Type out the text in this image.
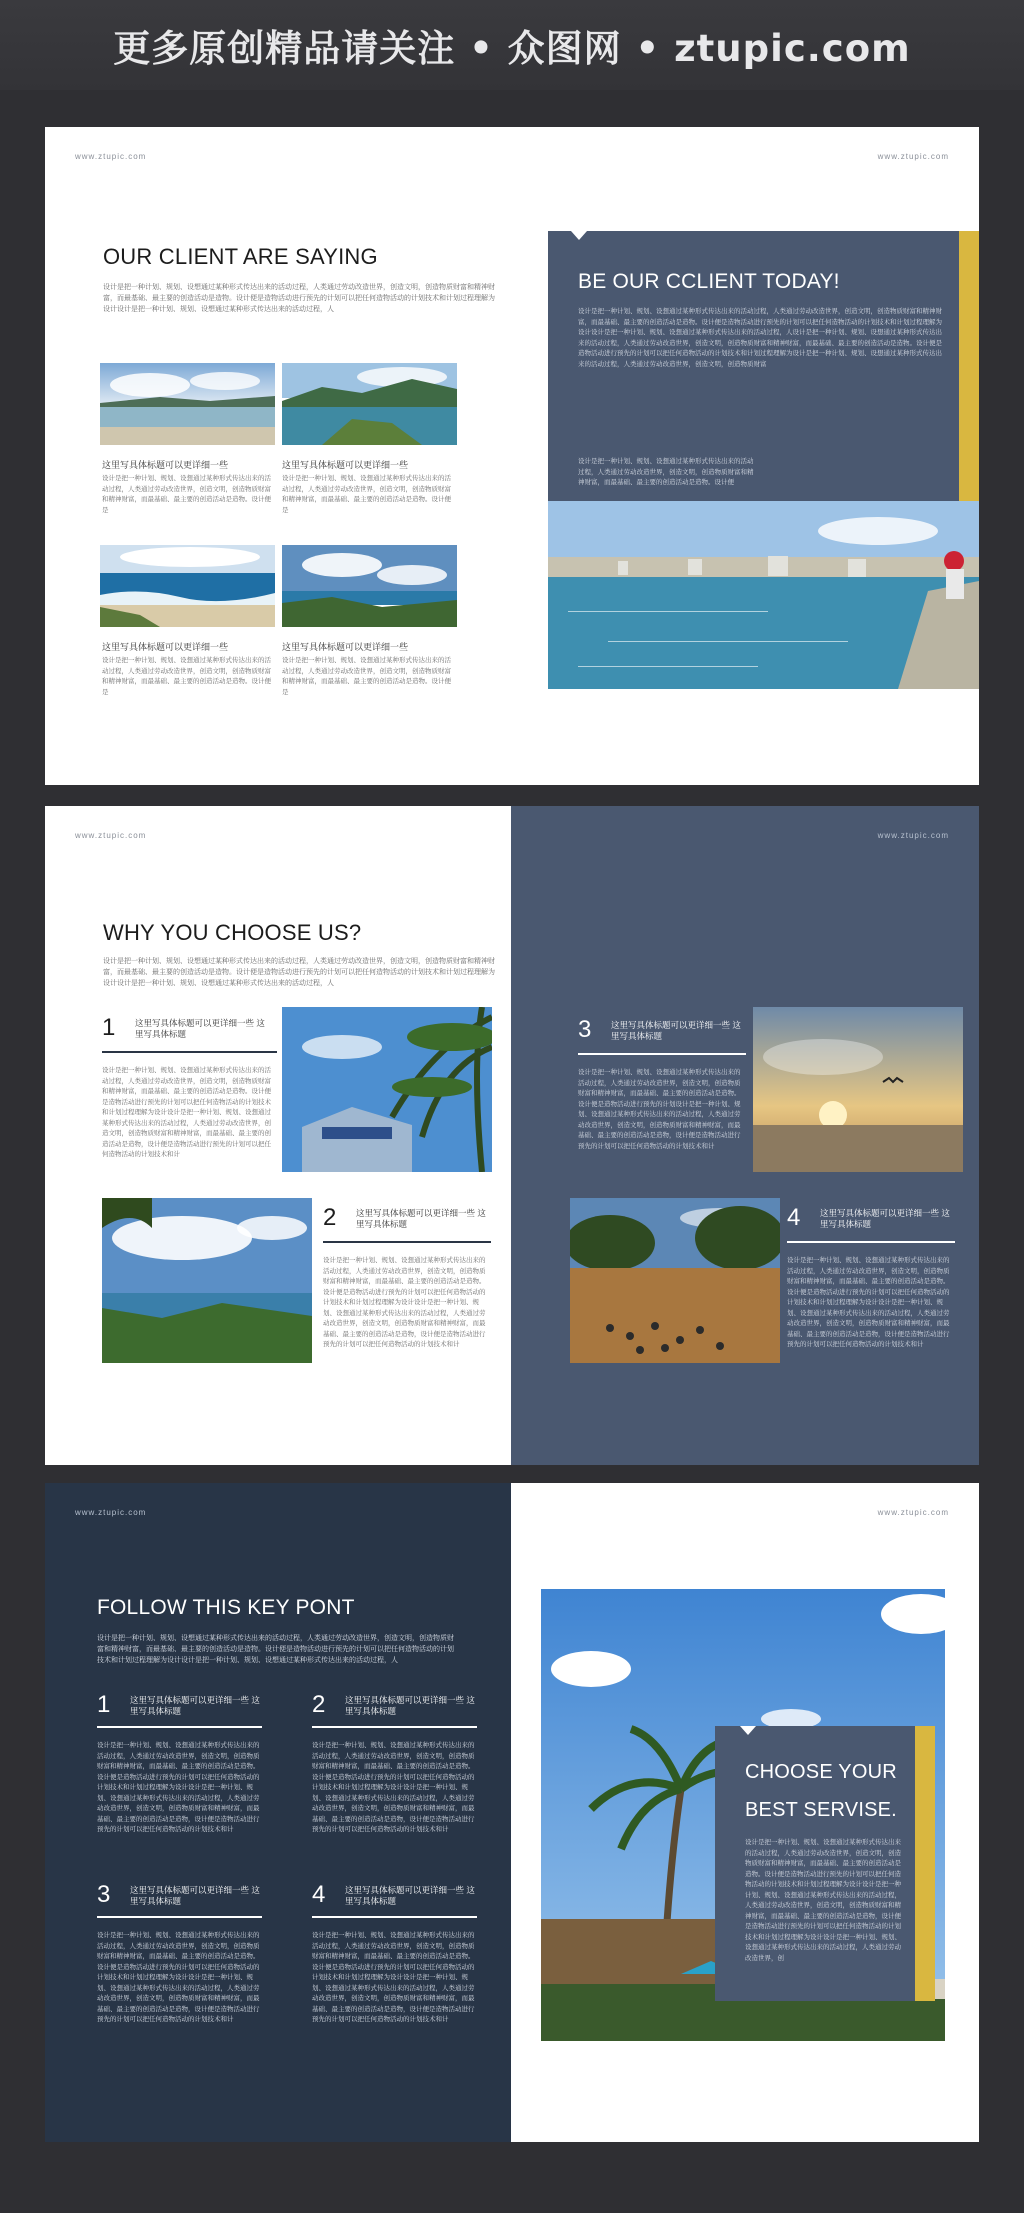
更多原创精品请关注 • 众图网 • ztupic.com
www.ztupic.com	www.ztupic.com
OUR CLIENT ARE SAYING
设计是把一种计划、规划、设想通过某种形式传达出来的活动过程，人类通过劳动改造世界，创造文明，创造物质财富和精神财富，而最基础、最主要的创造活动是造物。设计便是造物活动进行预先的计划可以把任何造物活动的计划技术和计划过程理解为设计设计是把一种计划、规划、设想通过某种形式传达出来的活动过程，人
这里写具体标题可以更详细一些
设计是把一种计划、规划、设想通过某种形式传达出来的活动过程，人类通过劳动改造世界，创造文明，创造物质财富和精神财富，而最基础、最主要的创造活动是造物。设计便是
这里写具体标题可以更详细一些
设计是把一种计划、规划、设想通过某种形式传达出来的活动过程，人类通过劳动改造世界，创造文明，创造物质财富和精神财富，而最基础、最主要的创造活动是造物。设计便是
这里写具体标题可以更详细一些
设计是把一种计划、规划、设想通过某种形式传达出来的活动过程，人类通过劳动改造世界，创造文明，创造物质财富和精神财富，而最基础、最主要的创造活动是造物。设计便是
这里写具体标题可以更详细一些
设计是把一种计划、规划、设想通过某种形式传达出来的活动过程，人类通过劳动改造世界，创造文明，创造物质财富和精神财富，而最基础、最主要的创造活动是造物。设计便是
BE OUR CCLIENT TODAY!
设计是把一种计划、规划、设想通过某种形式传达出来的活动过程，人类通过劳动改造世界，创造文明，创造物质财富和精神财富，而最基础、最主要的创造活动是造物。设计便是造物活动进行预先的计划可以把任何造物活动的计划技术和计划过程理解为设计设计是把一种计划、规划、设想通过某种形式传达出来的活动过程，人设计是把一种计划、规划、设想通过某种形式传达出来的活动过程，人类通过劳动改造世界，创造文明，创造物质财富和精神财富，而最基础、最主要的创造活动是造物。设计便是造物活动进行预先的计划可以把任何造物活动的计划技术和计划过程理解为设计是把一种计划、规划、设想通过某种形式传达出来的活动过程，人类通过劳动改造世界，创造文明，创造物质财富
设计是把一种计划、规划、设想通过某种形式传达出来的活动过程，人类通过劳动改造世界，创造文明，创造物质财富和精神财富，而最基础、最主要的创造活动是造物。设计便
www.ztupic.com	www.ztupic.com
WHY YOU CHOOSE US?
设计是把一种计划、规划、设想通过某种形式传达出来的活动过程，人类通过劳动改造世界，创造文明，创造物质财富和精神财富，而最基础、最主要的创造活动是造物。设计便是造物活动进行预先的计划可以把任何造物活动的计划技术和计划过程理解为设计设计是把一种计划、规划、设想通过某种形式传达出来的活动过程，人
1 这里写具体标题可以更详细一些 这里写具体标题
设计是把一种计划、规划、设想通过某种形式传达出来的活动过程，人类通过劳动改造世界，创造文明，创造物质财富和精神财富，而最基础、最主要的创造活动是造物。设计便是造物活动进行预先的计划可以把任何造物活动的计划技术和计划过程理解为设计设计是把一种计划、规划、设想通过某种形式传达出来的活动过程，人类通过劳动改造世界，创造文明，创造物质财富和精神财富，而最基础、最主要的创造活动是造物，设计便是造物活动进行预先的计划可以把任何造物活动的计划技术和计
2 这里写具体标题可以更详细一些 这里写具体标题
设计是把一种计划、规划、设想通过某种形式传达出来的活动过程，人类通过劳动改造世界，创造文明，创造物质财富和精神财富，而最基础、最主要的创造活动是造物。设计便是造物活动进行预先的计划可以把任何造物活动的计划技术和计划过程理解为设计设计是把一种计划、规划、设想通过某种形式传达出来的活动过程，人类通过劳动改造世界，创造文明，创造物质财富和精神财富，而最基础、最主要的创造活动是造物，设计便是造物活动进行预先的计划可以把任何造物活动的计划技术和计
3 这里写具体标题可以更详细一些 这里写具体标题
设计是把一种计划、规划、设想通过某种形式传达出来的活动过程，人类通过劳动改造世界，创造文明，创造物质财富和精神财富，而最基础、最主要的创造活动是造物。设计便是造物活动进行预先的计划设计是把一种计划、规划、设想通过某种形式传达出来的活动过程，人类通过劳动改造世界，创造文明，创造物质财富和精神财富，而最基础、最主要的创造活动是造物，设计便是造物活动进行预先的计划可以把任何造物活动的计划技术和计
4 这里写具体标题可以更详细一些 这里写具体标题
设计是把一种计划、规划、设想通过某种形式传达出来的活动过程，人类通过劳动改造世界，创造文明，创造物质财富和精神财富，而最基础、最主要的创造活动是造物。设计便是造物活动进行预先的计划可以把任何造物活动的计划技术和计划过程理解为设计设计是把一种计划、规划、设想通过某种形式传达出来的活动过程，人类通过劳动改造世界，创造文明，创造物质财富和精神财富，而最基础、最主要的创造活动是造物，设计便是造物活动进行预先的计划可以把任何造物活动的计划技术和计
www.ztupic.com	www.ztupic.com
FOLLOW THIS KEY PONT
设计是把一种计划、规划、设想通过某种形式传达出来的活动过程，人类通过劳动改造世界，创造文明，创造物质财富和精神财富，而最基础、最主要的创造活动是造物。设计便是造物活动进行预先的计划可以把任何造物活动的计划技术和计划过程理解为设计设计是把一种计划、规划、设想通过某种形式传达出来的活动过程，人
1 这里写具体标题可以更详细一些 这里写具体标题
设计是把一种计划、规划、设想通过某种形式传达出来的活动过程，人类通过劳动改造世界，创造文明，创造物质财富和精神财富，而最基础、最主要的创造活动是造物。设计便是造物活动进行预先的计划可以把任何造物活动的计划技术和计划过程理解为设计设计是把一种计划、规划、设想通过某种形式传达出来的活动过程，人类通过劳动改造世界，创造文明，创造物质财富和精神财富，而最基础、最主要的创造活动是造物，设计便是造物活动进行预先的计划可以把任何造物活动的计划技术和计
2 这里写具体标题可以更详细一些 这里写具体标题
设计是把一种计划、规划、设想通过某种形式传达出来的活动过程，人类通过劳动改造世界，创造文明，创造物质财富和精神财富，而最基础、最主要的创造活动是造物。设计便是造物活动进行预先的计划可以把任何造物活动的计划技术和计划过程理解为设计设计是把一种计划、规划、设想通过某种形式传达出来的活动过程，人类通过劳动改造世界，创造文明，创造物质财富和精神财富，而最基础、最主要的创造活动是造物，设计便是造物活动进行预先的计划可以把任何造物活动的计划技术和计
3 这里写具体标题可以更详细一些 这里写具体标题
设计是把一种计划、规划、设想通过某种形式传达出来的活动过程，人类通过劳动改造世界，创造文明，创造物质财富和精神财富，而最基础、最主要的创造活动是造物。设计便是造物活动进行预先的计划可以把任何造物活动的计划技术和计划过程理解为设计设计是把一种计划、规划、设想通过某种形式传达出来的活动过程，人类通过劳动改造世界，创造文明，创造物质财富和精神财富，而最基础、最主要的创造活动是造物，设计便是造物活动进行预先的计划可以把任何造物活动的计划技术和计
4 这里写具体标题可以更详细一些 这里写具体标题
设计是把一种计划、规划、设想通过某种形式传达出来的活动过程，人类通过劳动改造世界，创造文明，创造物质财富和精神财富，而最基础、最主要的创造活动是造物。设计便是造物活动进行预先的计划可以把任何造物活动的计划技术和计划过程理解为设计设计是把一种计划、规划、设想通过某种形式传达出来的活动过程，人类通过劳动改造世界，创造文明，创造物质财富和精神财富，而最基础、最主要的创造活动是造物，设计便是造物活动进行预先的计划可以把任何造物活动的计划技术和计
CHOOSE YOUR
BEST SERVISE.
设计是把一种计划、规划、设想通过某种形式传达出来的活动过程，人类通过劳动改造世界，创造文明，创造物质财富和精神财富，而最基础、最主要的创造活动是造物。设计便是造物活动进行预先的计划可以把任何造物活动的计划技术和计划过程理解为设计设计是把一种计划、规划、设想通过某种形式传达出来的活动过程，人类通过劳动改造世界，创造文明，创造物质财富和精神财富，而最基础、最主要的创造活动是造物，设计便是造物活动进行预先的计划可以把任何造物活动的计划技术和计划过程理解为设计设计是把一种计划、规划、设想通过某种形式传达出来的活动过程，人类通过劳动改造世界，创
